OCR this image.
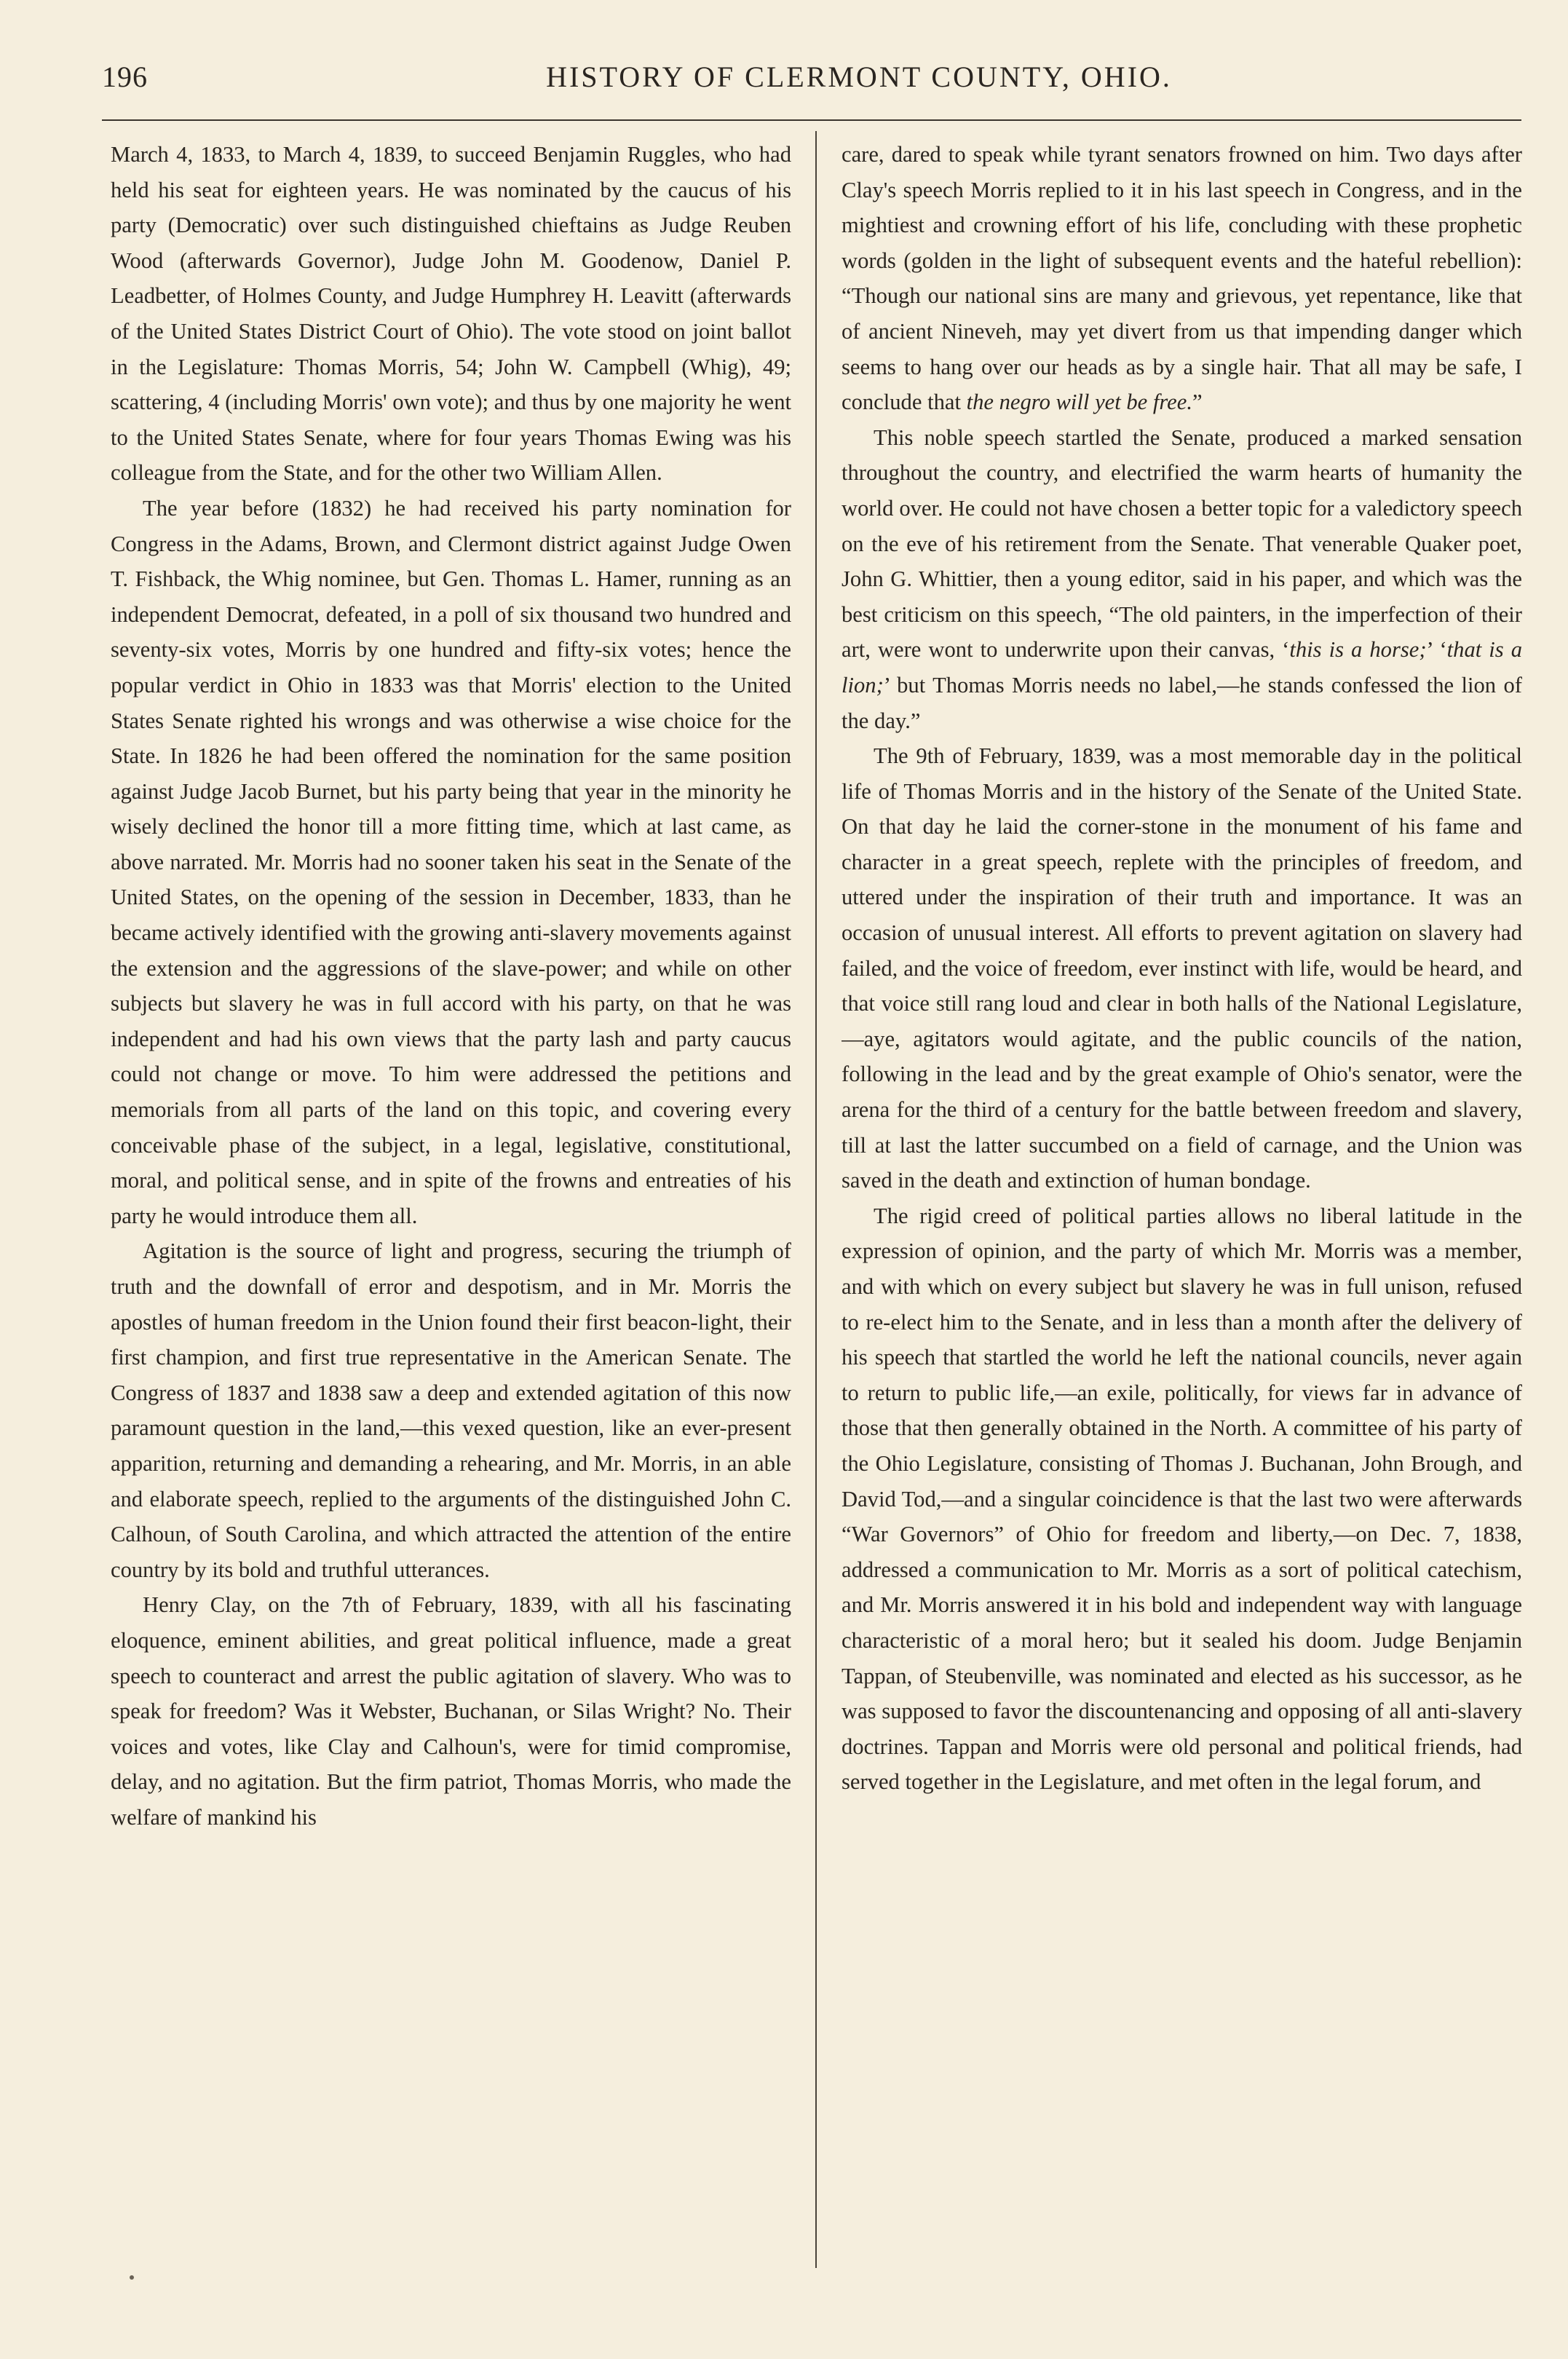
196	HISTORY OF CLERMONT COUNTY, OHIO.

March 4, 1833, to March 4, 1839, to succeed Benjamin Ruggles, who had held his seat for eighteen years. He was nominated by the caucus of his party (Democratic) over such distinguished chieftains as Judge Reuben Wood (afterwards Governor), Judge John M. Goodenow, Daniel P. Leadbetter, of Holmes County, and Judge Humphrey H. Leavitt (afterwards of the United States District Court of Ohio). The vote stood on joint ballot in the Legislature: Thomas Morris, 54; John W. Campbell (Whig), 49; scattering, 4 (including Morris' own vote); and thus by one majority he went to the United States Senate, where for four years Thomas Ewing was his colleague from the State, and for the other two William Allen.

The year before (1832) he had received his party nomination for Congress in the Adams, Brown, and Clermont district against Judge Owen T. Fishback, the Whig nominee, but Gen. Thomas L. Hamer, running as an independent Democrat, defeated, in a poll of six thousand two hundred and seventy-six votes, Morris by one hundred and fifty-six votes; hence the popular verdict in Ohio in 1833 was that Morris' election to the United States Senate righted his wrongs and was otherwise a wise choice for the State. In 1826 he had been offered the nomination for the same position against Judge Jacob Burnet, but his party being that year in the minority he wisely declined the honor till a more fitting time, which at last came, as above narrated. Mr. Morris had no sooner taken his seat in the Senate of the United States, on the opening of the session in December, 1833, than he became actively identified with the growing anti-slavery movements against the extension and the aggressions of the slave-power; and while on other subjects but slavery he was in full accord with his party, on that he was independent and had his own views that the party lash and party caucus could not change or move. To him were addressed the petitions and memorials from all parts of the land on this topic, and covering every conceivable phase of the subject, in a legal, legislative, constitutional, moral, and political sense, and in spite of the frowns and entreaties of his party he would introduce them all.

Agitation is the source of light and progress, securing the triumph of truth and the downfall of error and despotism, and in Mr. Morris the apostles of human freedom in the Union found their first beacon-light, their first champion, and first true representative in the American Senate. The Congress of 1837 and 1838 saw a deep and extended agitation of this now paramount question in the land,—this vexed question, like an ever-present apparition, returning and demanding a rehearing, and Mr. Morris, in an able and elaborate speech, replied to the arguments of the distinguished John C. Calhoun, of South Carolina, and which attracted the attention of the entire country by its bold and truthful utterances.

Henry Clay, on the 7th of February, 1839, with all his fascinating eloquence, eminent abilities, and great political influence, made a great speech to counteract and arrest the public agitation of slavery. Who was to speak for freedom? Was it Webster, Buchanan, or Silas Wright? No. Their voices and votes, like Clay and Calhoun's, were for timid compromise, delay, and no agitation. But the firm patriot, Thomas Morris, who made the welfare of mankind his

care, dared to speak while tyrant senators frowned on him. Two days after Clay's speech Morris replied to it in his last speech in Congress, and in the mightiest and crowning effort of his life, concluding with these prophetic words (golden in the light of subsequent events and the hateful rebellion): “Though our national sins are many and grievous, yet repentance, like that of ancient Nineveh, may yet divert from us that impending danger which seems to hang over our heads as by a single hair. That all may be safe, I conclude that the negro will yet be free.”

This noble speech startled the Senate, produced a marked sensation throughout the country, and electrified the warm hearts of humanity the world over. He could not have chosen a better topic for a valedictory speech on the eve of his retirement from the Senate. That venerable Quaker poet, John G. Whittier, then a young editor, said in his paper, and which was the best criticism on this speech, “The old painters, in the imperfection of their art, were wont to underwrite upon their canvas, ‘this is a horse;’ ‘that is a lion;’ but Thomas Morris needs no label,—he stands confessed the lion of the day.”

The 9th of February, 1839, was a most memorable day in the political life of Thomas Morris and in the history of the Senate of the United State. On that day he laid the corner-stone in the monument of his fame and character in a great speech, replete with the principles of freedom, and uttered under the inspiration of their truth and importance. It was an occasion of unusual interest. All efforts to prevent agitation on slavery had failed, and the voice of freedom, ever instinct with life, would be heard, and that voice still rang loud and clear in both halls of the National Legislature,—aye, agitators would agitate, and the public councils of the nation, following in the lead and by the great example of Ohio's senator, were the arena for the third of a century for the battle between freedom and slavery, till at last the latter succumbed on a field of carnage, and the Union was saved in the death and extinction of human bondage.

The rigid creed of political parties allows no liberal latitude in the expression of opinion, and the party of which Mr. Morris was a member, and with which on every subject but slavery he was in full unison, refused to re-elect him to the Senate, and in less than a month after the delivery of his speech that startled the world he left the national councils, never again to return to public life,—an exile, politically, for views far in advance of those that then generally obtained in the North. A committee of his party of the Ohio Legislature, consisting of Thomas J. Buchanan, John Brough, and David Tod,—and a singular coincidence is that the last two were afterwards “War Governors” of Ohio for freedom and liberty,—on Dec. 7, 1838, addressed a communication to Mr. Morris as a sort of political catechism, and Mr. Morris answered it in his bold and independent way with language characteristic of a moral hero; but it sealed his doom. Judge Benjamin Tappan, of Steubenville, was nominated and elected as his successor, as he was supposed to favor the discountenancing and opposing of all anti-slavery doctrines. Tappan and Morris were old personal and political friends, had served together in the Legislature, and met often in the legal forum, and
